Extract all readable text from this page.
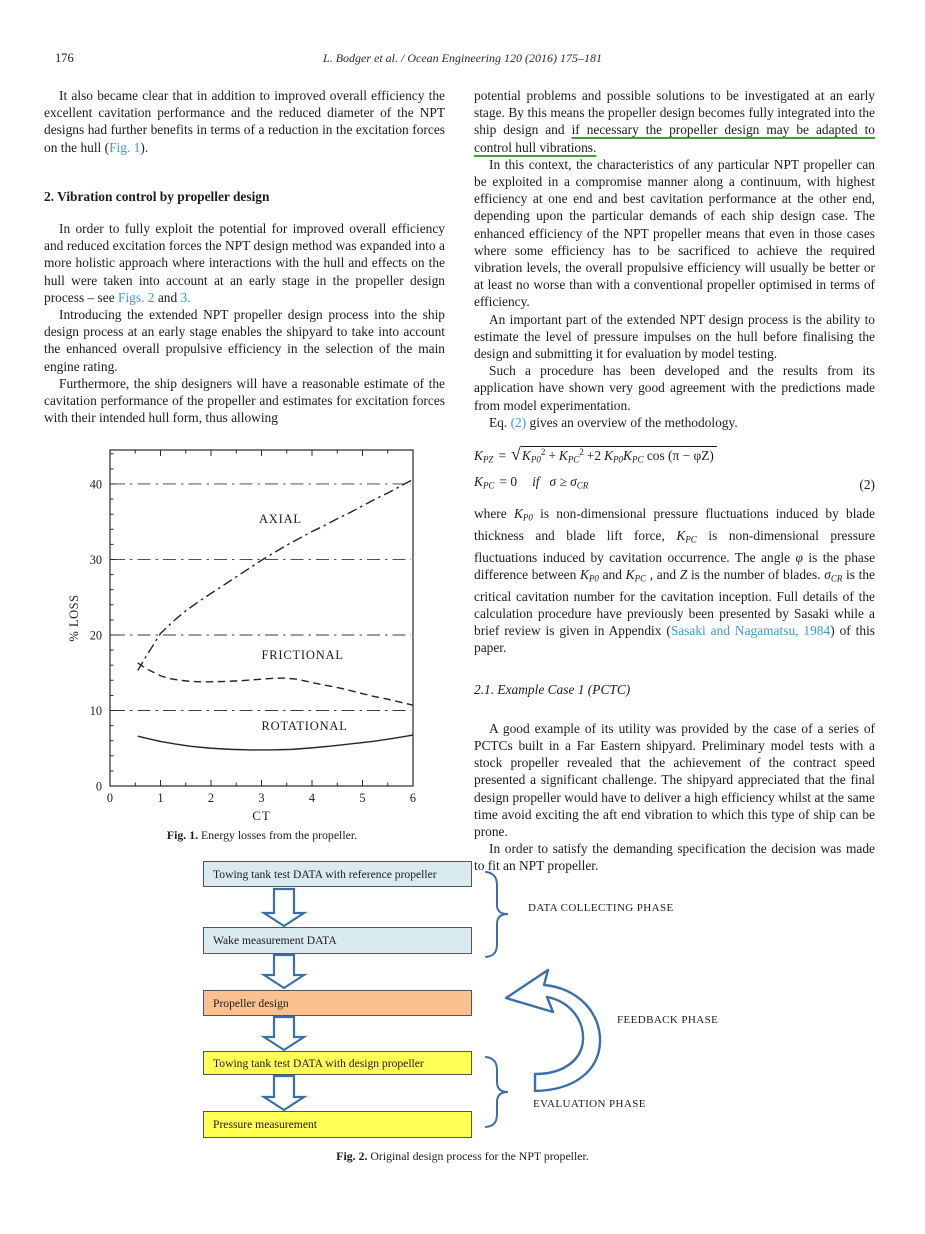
176	L. Bodger et al. / Ocean Engineering 120 (2016) 175–181

It also became clear that in addition to improved overall efficiency the excellent cavitation performance and the reduced diameter of the NPT designs had further benefits in terms of a reduction in the excitation forces on the hull (Fig. 1).

2. Vibration control by propeller design

In order to fully exploit the potential for improved overall efficiency and reduced excitation forces the NPT design method was expanded into a more holistic approach where interactions with the hull and effects on the hull were taken into account at an early stage in the propeller design process – see Figs. 2 and 3.

Introducing the extended NPT propeller design process into the ship design process at an early stage enables the shipyard to take into account the enhanced overall propulsive efficiency in the selection of the main engine rating.

Furthermore, the ship designers will have a reasonable estimate of the cavitation performance of the propeller and estimates for excitation forces with their intended hull form, thus allowing

potential problems and possible solutions to be investigated at an early stage. By this means the propeller design becomes fully integrated into the ship design and if necessary the propeller design may be adapted to control hull vibrations.

In this context, the characteristics of any particular NPT propeller can be exploited in a compromise manner along a continuum, with highest efficiency at one end and best cavitation performance at the other end, depending upon the particular demands of each ship design case. The enhanced efficiency of the NPT propeller means that even in those cases where some efficiency has to be sacrificed to achieve the required vibration levels, the overall propulsive efficiency will usually be better or at least no worse than with a conventional propeller optimised in terms of efficiency.

An important part of the extended NPT design process is the ability to estimate the level of pressure impulses on the hull before finalising the design and submitting it for evaluation by model testing.

Such a procedure has been developed and the results from its application have shown very good agreement with the predictions made from model experimentation.

Eq. (2) gives an overview of the methodology.

$K_{PZ} = √K_{P0}^2 + K_{PC}^2 +2$ $K_{P0}K_{PC}$ cos (π − φZ)
$K_{PC} = 0$ if $\sigma \ge \sigma_{CR}$	(2)

where $K_{P0}$ is non-dimensional pressure fluctuations induced by blade thickness and blade lift force, $K_{PC}$ is non-dimensional pressure fluctuations induced by cavitation occurrence. The angle φ is the phase difference between $K_{P0}$ and $K_{PC}$ , and Z is the number of blades. $\sigma_{CR}$ is the critical cavitation number for the cavitation inception. Full details of the calculation procedure have previously been presented by Sasaki while a brief review is given in Appendix (Sasaki and Nagamatsu, 1984) of this paper.

2.1. Example Case 1 (PCTC)

A good example of its utility was provided by the case of a series of PCTCs built in a Far Eastern shipyard. Preliminary model tests with a stock propeller revealed that the achievement of the contract speed presented a significant challenge. The shipyard appreciated that the final design propeller would have to deliver a high efficiency whilst at the same time avoid exciting the aft end vibration to which this type of ship can be prone.

In order to satisfy the demanding specification the decision was made to fit an NPT propeller.

0
10
20
30
40
0	1	2	3	4	5	6
CT
% LOSS
AXIAL
FRICTIONAL
ROTATIONAL
Fig. 1. Energy losses from the propeller.
Towing tank test DATA with reference propeller
Wake measurement DATA
Propeller design
Towing tank test DATA with design propeller
Pressure measurement
DATA COLLECTING PHASE
FEEDBACK PHASE
EVALUATION PHASE
Fig. 2. Original design process for the NPT propeller.
